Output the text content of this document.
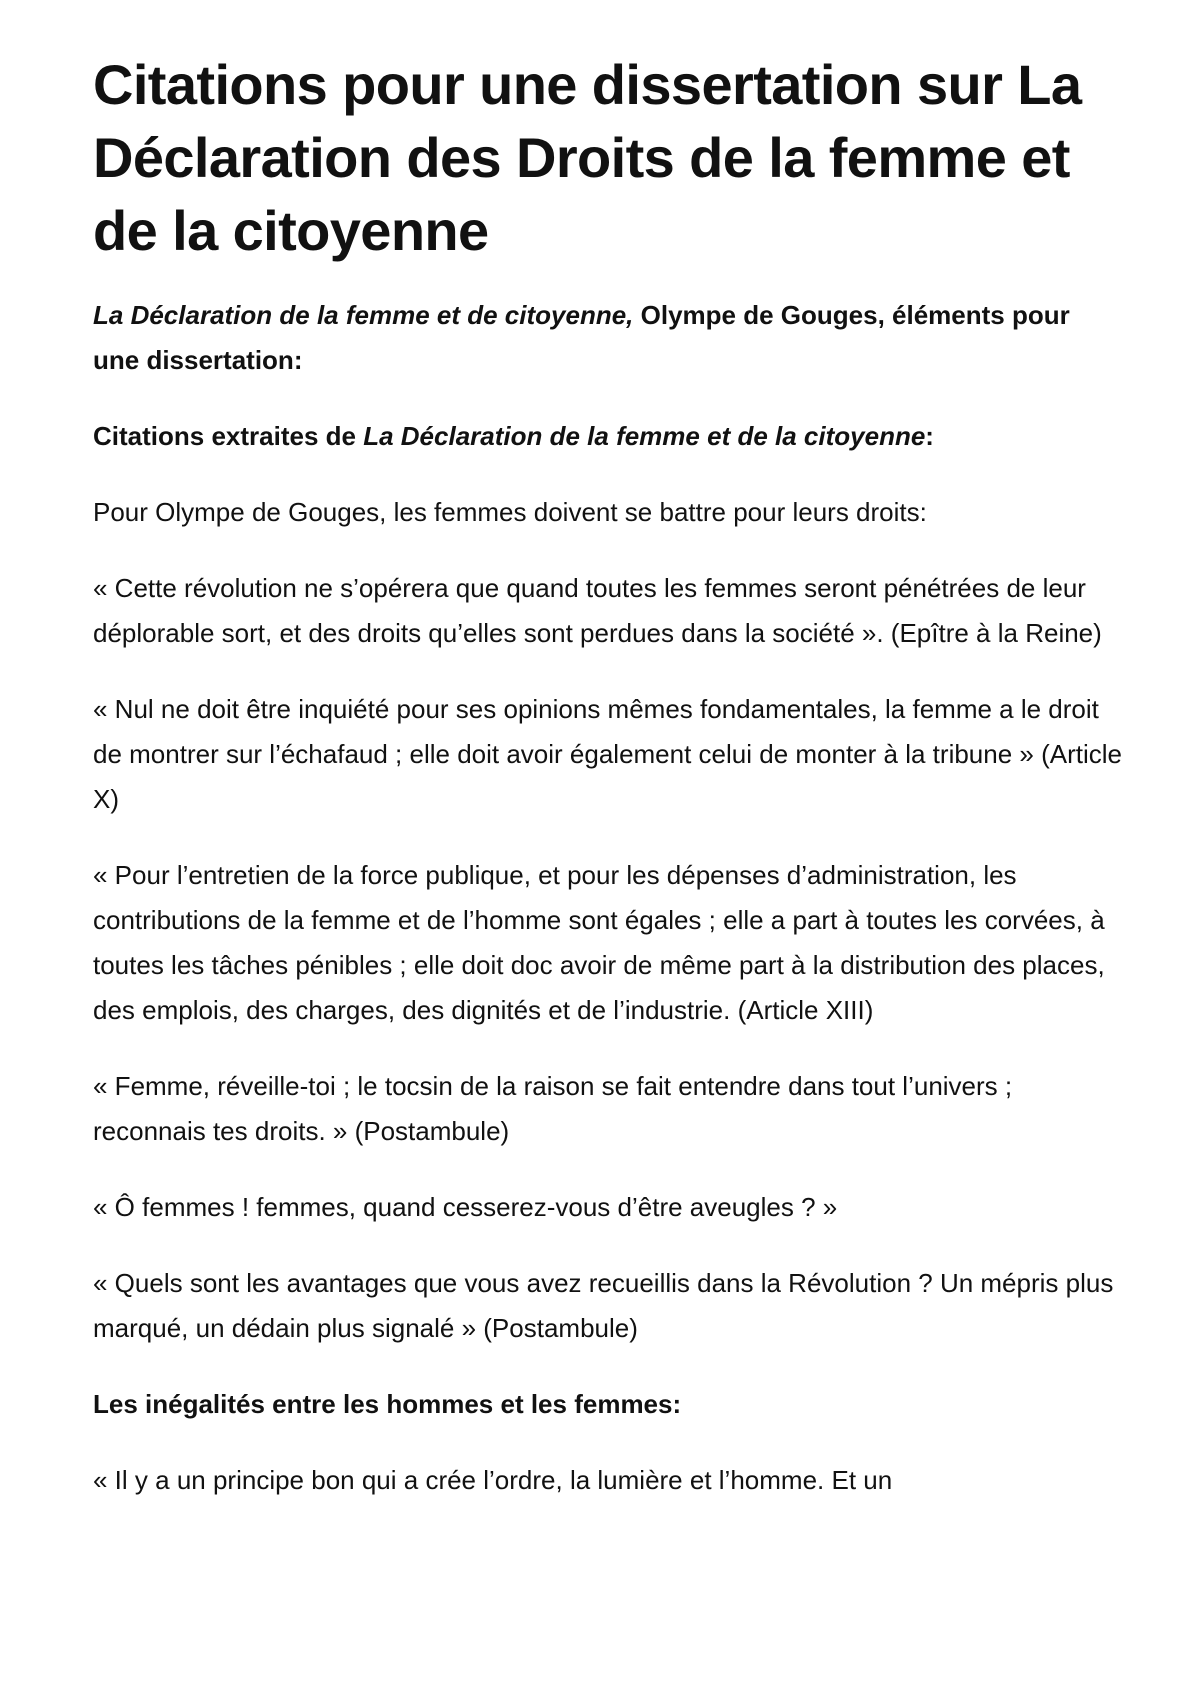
Citations pour une dissertation sur La Déclaration des Droits de la femme et de la citoyenne

La Déclaration de la femme et de citoyenne, Olympe de Gouges, éléments pour une dissertation:

Citations extraites de La Déclaration de la femme et de la citoyenne:

Pour Olympe de Gouges, les femmes doivent se battre pour leurs droits:

« Cette révolution ne s’opérera que quand toutes les femmes seront pénétrées de leur déplorable sort, et des droits qu’elles sont perdues dans la société ». (Epître à la Reine)

« Nul ne doit être inquiété pour ses opinions mêmes fondamentales, la femme a le droit de montrer sur l’échafaud ; elle doit avoir également celui de monter à la tribune » (Article X)

« Pour l’entretien de la force publique, et pour les dépenses d’administration, les contributions de la femme et de l’homme sont égales ; elle a part à toutes les corvées, à toutes les tâches pénibles ; elle doit doc avoir de même part à la distribution des places, des emplois, des charges, des dignités et de l’industrie. (Article XIII)

« Femme, réveille-toi ; le tocsin de la raison se fait entendre dans tout l’univers ; reconnais tes droits. » (Postambule)

« Ô femmes ! femmes, quand cesserez-vous d’être aveugles ? »

« Quels sont les avantages que vous avez recueillis dans la Révolution ? Un mépris plus marqué, un dédain plus signalé » (Postambule)

Les inégalités entre les hommes et les femmes:

« Il y a un principe bon qui a crée l’ordre, la lumière et l’homme. Et un
